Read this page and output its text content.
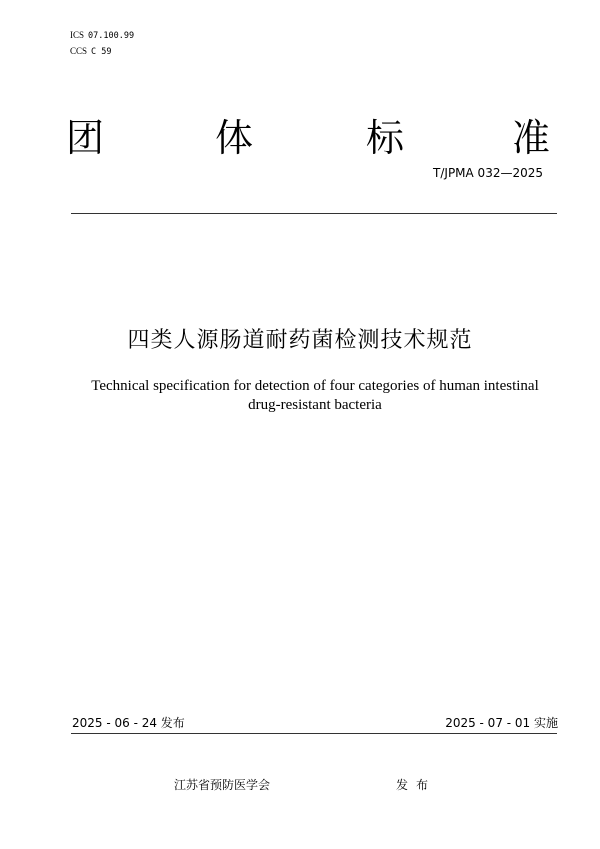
ICS 07.100.99
CCS C 59
团	体	标	准
T/JPMA 032—2025
四类人源肠道耐药菌检测技术规范
Technical specification for detection of four categories of human intestinal drug-resistant bacteria
2025 - 06 - 24 发布	2025 - 07 - 01 实施
江苏省预防医学会	发布
